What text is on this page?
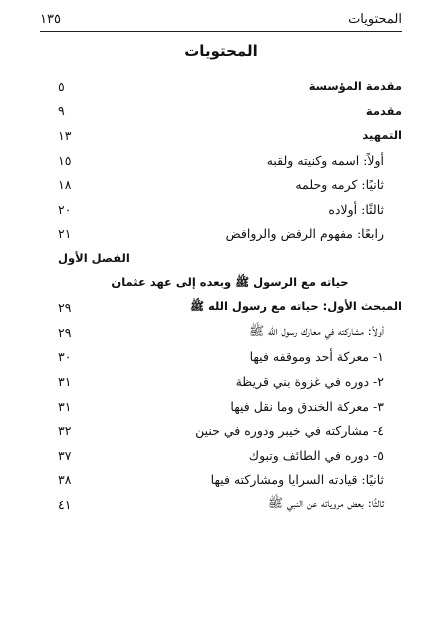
١٣٥	المحتويات
المحتويات
مقدمة المؤسسة
٥
مقدمة
٩
التمهيد
١٣
أولاً: اسمه وكنيته ولقبه
١٥
ثانيًا: كرمه وحلمه
١٨
ثالثًا: أولاده
٢٠
رابعًا: مفهوم الرفض والروافض
٢١
الفصل الأول
حياته مع الرسول ﷺ وبعده إلى عهد عثمان
المبحث الأول: حياته مع رسول الله ﷺ
٢٩
أولاً: مشاركته في معارك رسول الله ﷺ
٢٩
١- معركة أحد وموقفه فيها
٣٠
٢- دوره في غزوة بني قريظة
٣١
٣- معركة الخندق وما نقل فيها
٣١
٤- مشاركته في خيبر ودوره في حنين
٣٢
٥- دوره في الطائف وتبوك
٣٧
ثانيًا: قيادته السرايا ومشاركته فيها
٣٨
ثالثًا: بعض مروياته عن النبي ﷺ
٤١
